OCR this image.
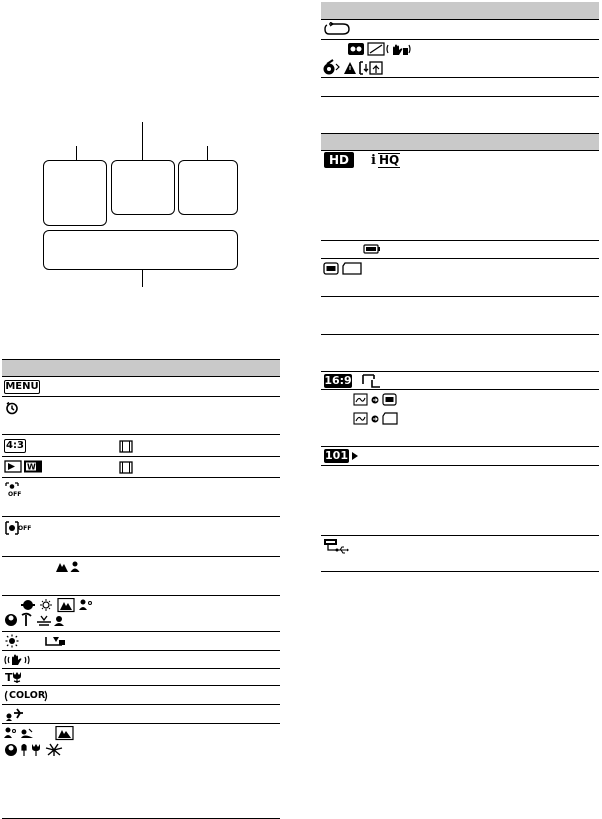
MENU
4:3
W
OFF
OFF
T
COLOR
HD	i HQ
16:9
101
